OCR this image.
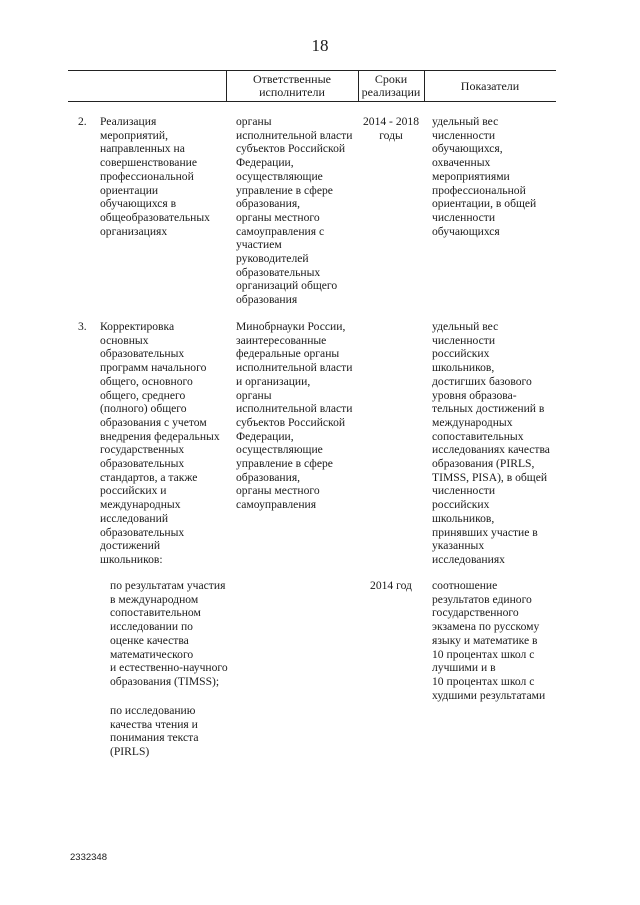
18
Ответственные
исполнители
Сроки
реализации	Показатели
2. Реализация
мероприятий,
направленных на
совершенствование
профессиональной
ориентации
обучающихся в
общеобразовательных
организациях
органы
исполнительной власти
субъектов Российской
Федерации,
осуществляющие
управление в сфере
образования,
органы местного
самоуправления с
участием
руководителей
образовательных
организаций общего
образования
2014 - 2018
годы
удельный вес
численности
обучающихся,
охваченных
мероприятиями
профессиональной
ориентации, в общей
численности
обучающихся
3. Корректировка
основных
образовательных
программ начального
общего, основного
общего, среднего
(полного) общего
образования с учетом
внедрения федеральных
государственных
образовательных
стандартов, а также
российских и
международных
исследований
образовательных
достижений
школьников:
Минобрнауки России,
заинтересованные
федеральные органы
исполнительной власти
и организации,
органы
исполнительной власти
субъектов Российской
Федерации,
осуществляющие
управление в сфере
образования,
органы местного
самоуправления
удельный вес
численности
российских
школьников,
достигших базового
уровня образова-
тельных достижений в
международных
сопоставительных
исследованиях качества
образования (PIRLS,
TIMSS, PISA), в общей
численности
российских
школьников,
принявших участие в
указанных
исследованиях
по результатам участия
в международном
сопоставительном
исследовании по
оценке качества
математического
и естественно-научного
образования (TIMSS);
2014 год	соотношение
результатов единого
государственного
экзамена по русскому
языку и математике в
10 процентах школ с
лучшими и в
10 процентах школ с
худшими результатами
по исследованию
качества чтения и
понимания текста
(PIRLS)
2332348
